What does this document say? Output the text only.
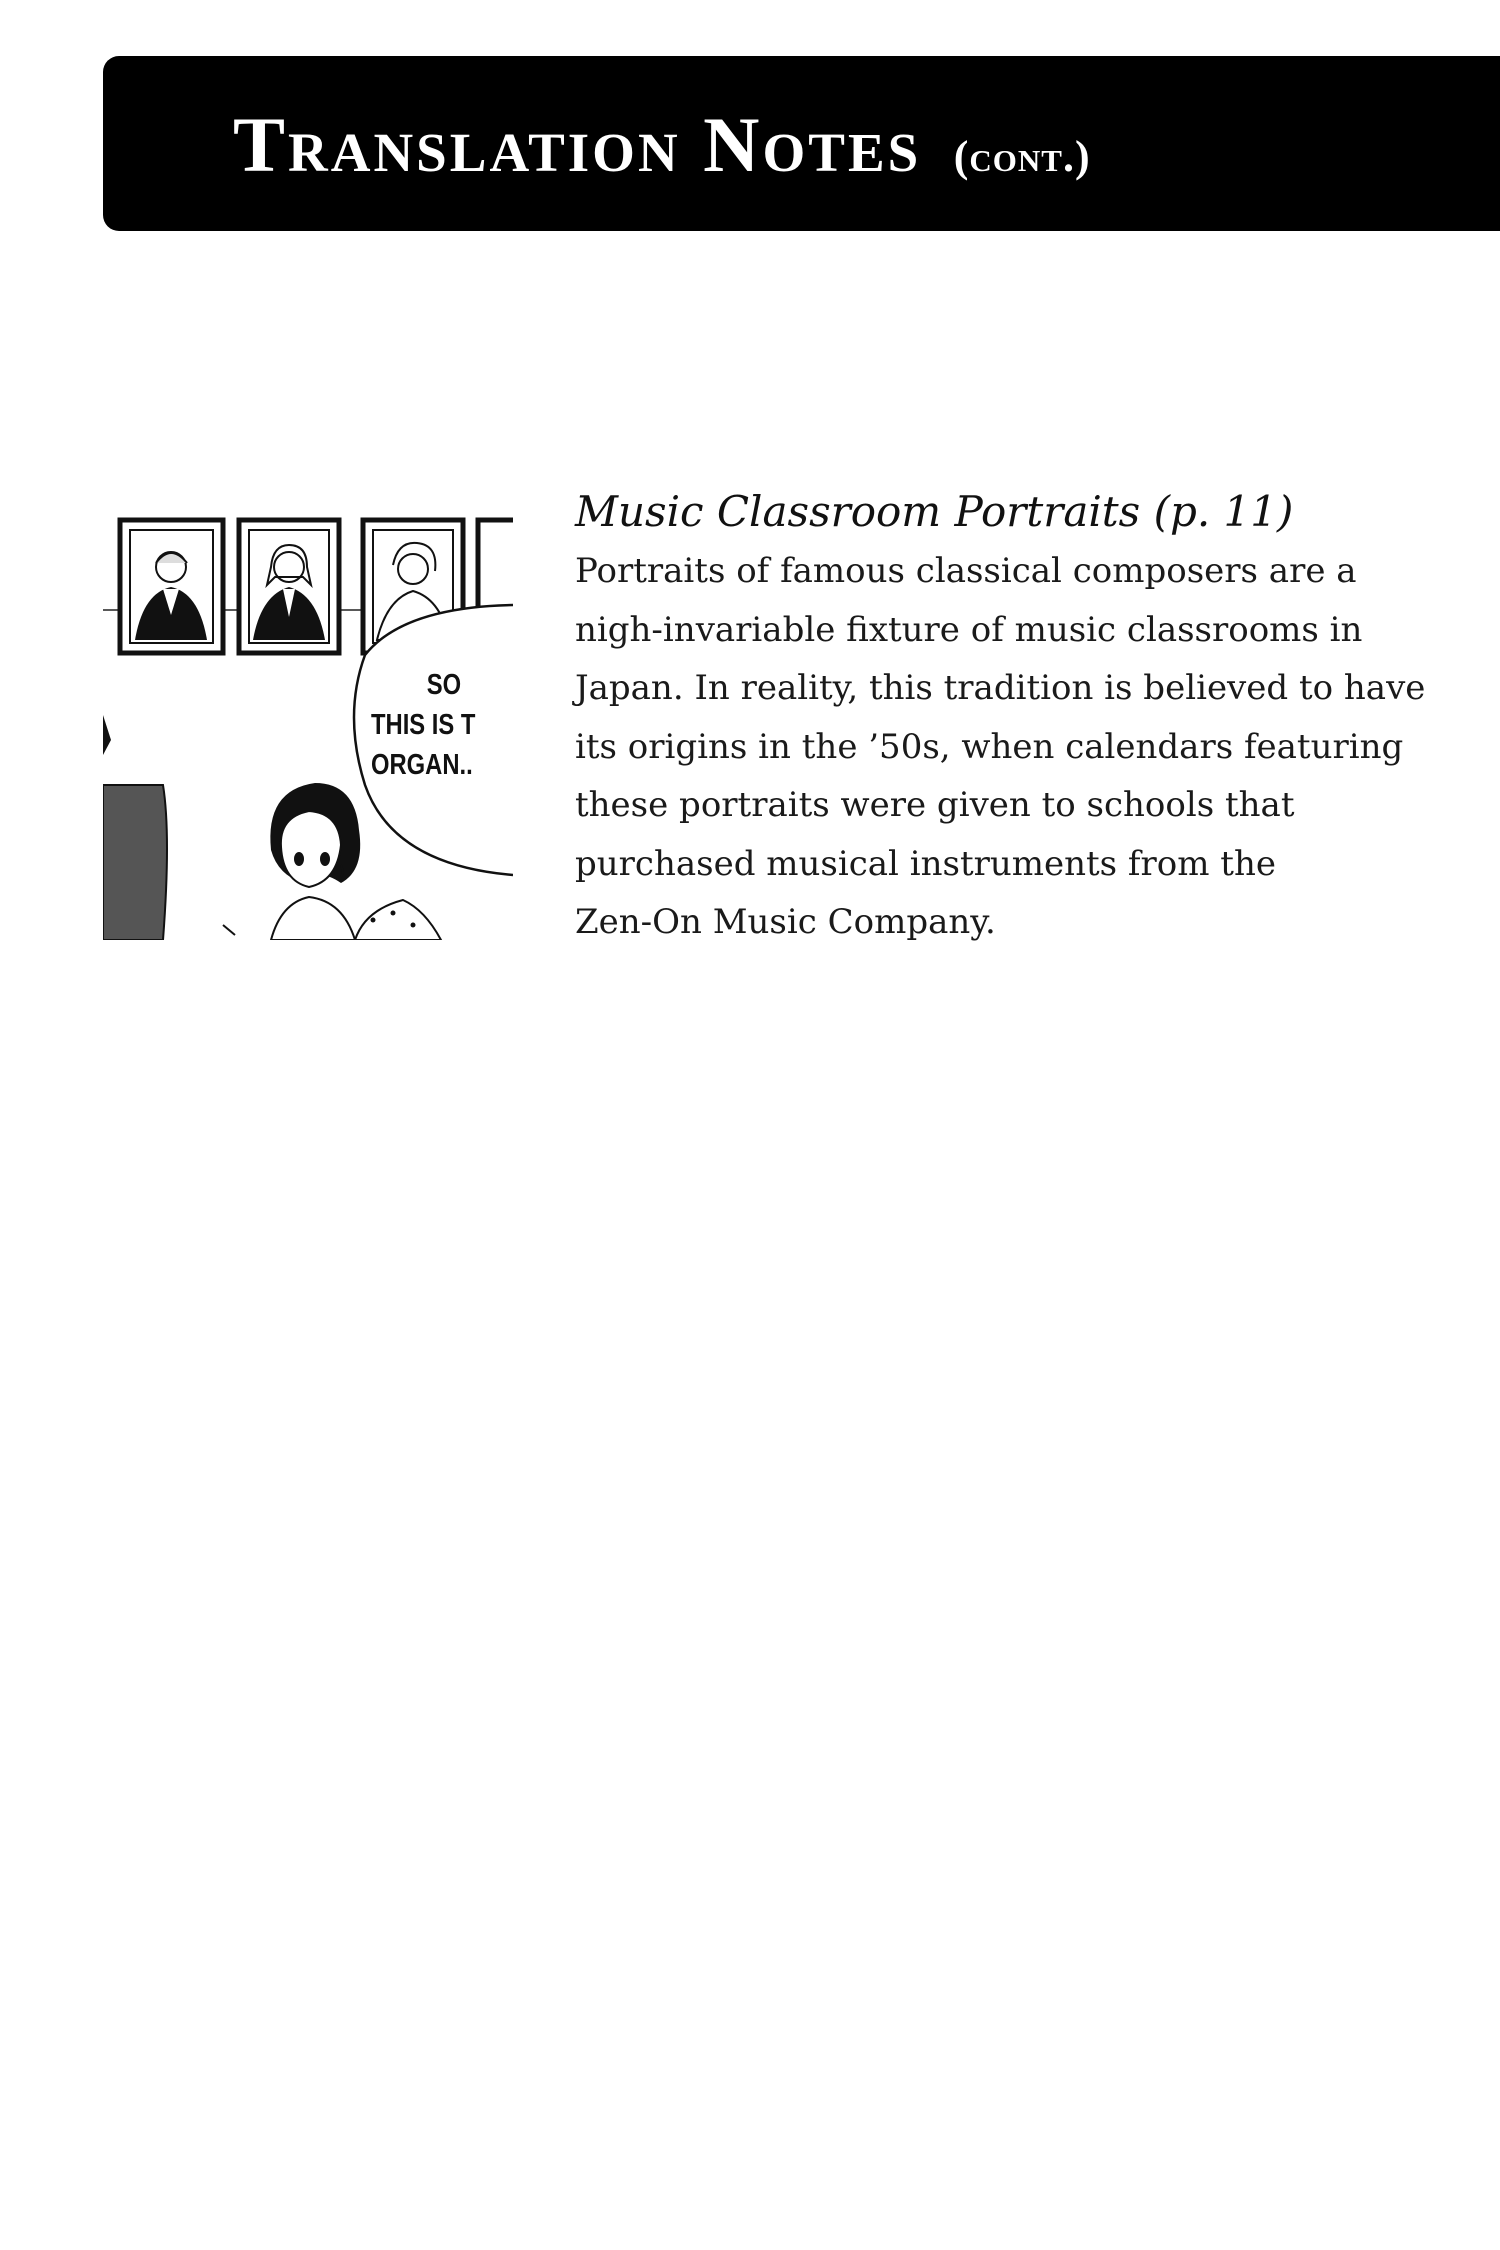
Translation Notes (cont.)
SO
THIS IS T
ORGAN..
Music Classroom Portraits (p. 11)

Portraits of famous classical composers are a
nigh-invariable fixture of music classrooms in
Japan. In reality, this tradition is believed to have
its origins in the ’50s, when calendars featuring
these portraits were given to schools that
purchased musical instruments from the
Zen-On Music Company.
